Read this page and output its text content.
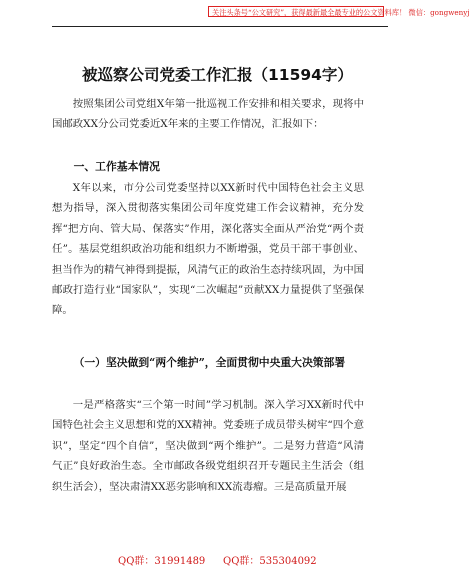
关注头条号“公文研究”，获得最新最全最专业的公文资料库！ 微信：gongwenyj
被巡察公司党委工作汇报（11594字）

按照集团公司党组X年第一批巡视工作安排和相关要求，现将中国邮政XX分公司党委近X年来的主要工作情况，汇报如下：

一、工作基本情况

X年以来，市分公司党委坚持以XX新时代中国特色社会主义思想为指导，深入贯彻落实集团公司年度党建工作会议精神，充分发挥“把方向、管大局、保落实”作用，深化落实全面从严治党“两个责任”。基层党组织政治功能和组织力不断增强，党员干部干事创业、担当作为的精气神得到提振，风清气正的政治生态持续巩固，为中国邮政打造行业“国家队”，实现“二次崛起”贡献XX力量提供了坚强保障。

（一）坚决做到“两个维护”，全面贯彻中央重大决策部署

一是严格落实“三个第一时间”学习机制。深入学习XX新时代中国特色社会主义思想和党的XX精神。党委班子成员带头树牢“四个意识”，坚定“四个自信”，坚决做到“两个维护”。二是努力营造“风清气正”良好政治生态。全市邮政各级党组织召开专题民主生活会（组织生活会），坚决肃清XX恶劣影响和XX流毒瘤。三是高质量开展

QQ群：31991489 QQ群：535304092
